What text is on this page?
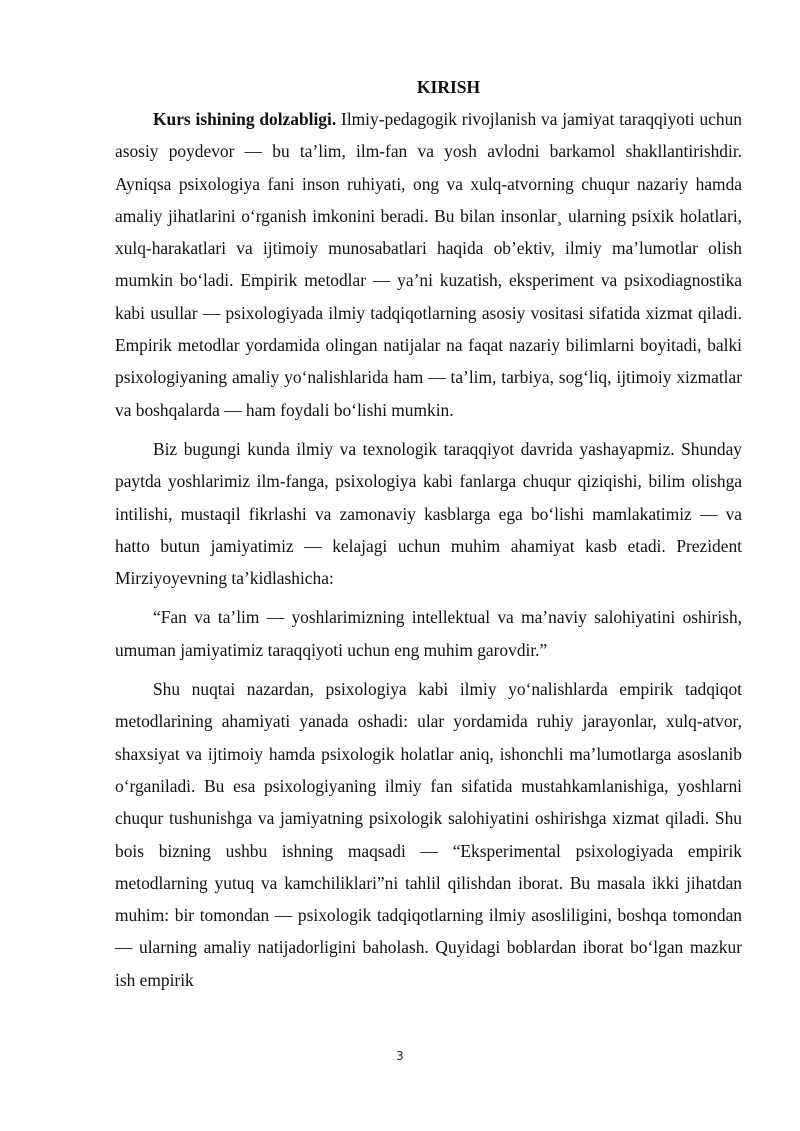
KIRISH

Kurs ishining dolzabligi. Ilmiy-pedagogik rivojlanish va jamiyat taraqqiyoti uchun asosiy poydevor — bu ta’lim, ilm-fan va yosh avlodni barkamol shakllantirishdir. Ayniqsa psixologiya fani inson ruhiyati, ong va xulq-atvorning chuqur nazariy hamda amaliy jihatlarini o‘rganish imkonini beradi. Bu bilan insonlar¸ ularning psixik holatlari, xulq-harakatlari va ijtimoiy munosabatlari haqida ob’ektiv, ilmiy ma’lumotlar olish mumkin bo‘ladi. Empirik metodlar — ya’ni kuzatish, eksperiment va psixodiagnostika kabi usullar — psixologiyada ilmiy tadqiqotlarning asosiy vositasi sifatida xizmat qiladi. Empirik metodlar yordamida olingan natijalar na faqat nazariy bilimlarni boyitadi, balki psixologiyaning amaliy yo‘nalishlarida ham — ta’lim, tarbiya, sog‘liq, ijtimoiy xizmatlar va boshqalarda — ham foydali bo‘lishi mumkin.

Biz bugungi kunda ilmiy va texnologik taraqqiyot davrida yashayapmiz. Shunday paytda yoshlarimiz ilm-fanga, psixologiya kabi fanlarga chuqur qiziqishi, bilim olishga intilishi, mustaqil fikrlashi va zamonaviy kasblarga ega bo‘lishi mamlakatimiz — va hatto butun jamiyatimiz — kelajagi uchun muhim ahamiyat kasb etadi. Prezident Mirziyoyevning ta’kidlashicha:

“Fan va ta’lim — yoshlarimizning intellektual va ma’naviy salohiyatini oshirish, umuman jamiyatimiz taraqqiyoti uchun eng muhim garovdir.”

Shu nuqtai nazardan, psixologiya kabi ilmiy yo‘nalishlarda empirik tadqiqot metodlarining ahamiyati yanada oshadi: ular yordamida ruhiy jarayonlar, xulq-atvor, shaxsiyat va ijtimoiy hamda psixologik holatlar aniq, ishonchli ma’lumotlarga asoslanib o‘rganiladi. Bu esa psixologiyaning ilmiy fan sifatida mustahkamlanishiga, yoshlarni chuqur tushunishga va jamiyatning psixologik salohiyatini oshirishga xizmat qiladi. Shu bois bizning ushbu ishning maqsadi — “Eksperimental psixologiyada empirik metodlarning yutuq va kamchiliklari”ni tahlil qilishdan iborat. Bu masala ikki jihatdan muhim: bir tomondan — psixologik tadqiqotlarning ilmiy asosliligini, boshqa tomondan — ularning amaliy natijadorligini baholash. Quyidagi boblardan iborat bo‘lgan mazkur ish empirik

3
